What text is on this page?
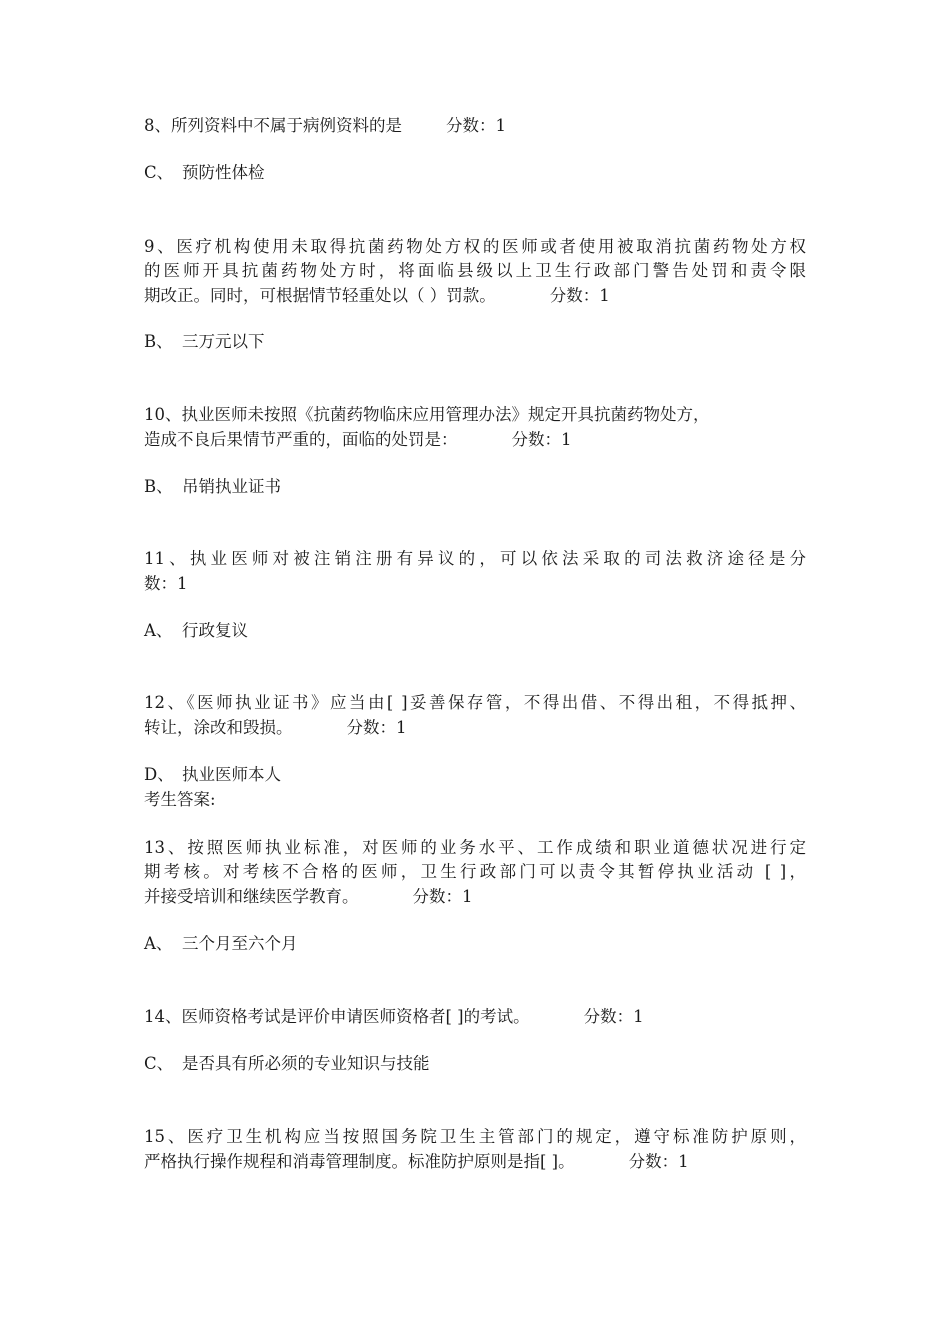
8、所列资料中不属于病例资料的是	分数：1
C、 预防性体检
9、医疗机构使用未取得抗菌药物处方权的医师或者使用被取消抗菌药物处方权
的医师开具抗菌药物处方时，将面临县级以上卫生行政部门警告处罚和责令限
期改正。同时，可根据情节轻重处以（ ）罚款。	分数：1
B、 三万元以下
10、执业医师未按照《抗菌药物临床应用管理办法》规定开具抗菌药物处方，
造成不良后果情节严重的，面临的处罚是：	分数：1
B、 吊销执业证书
11、执业医师对被注销注册有异议的，可以依法采取的司法救济途径是分
数：1
A、 行政复议
12、《医师执业证书》应当由[ ]妥善保存管，不得出借、不得出租，不得抵押、
转让，涂改和毁损。	分数：1
D、 执业医师本人
考生答案:
13、按照医师执业标准，对医师的业务水平、工作成绩和职业道德状况进行定
期考核。对考核不合格的医师，卫生行政部门可以责令其暂停执业活动 [ ]，
并接受培训和继续医学教育。	分数：1
A、 三个月至六个月
14、医师资格考试是评价申请医师资格者[ ]的考试。	分数：1
C、 是否具有所必须的专业知识与技能
15、医疗卫生机构应当按照国务院卫生主管部门的规定，遵守标准防护原则，
严格执行操作规程和消毒管理制度。标准防护原则是指[ ]。	分数：1
